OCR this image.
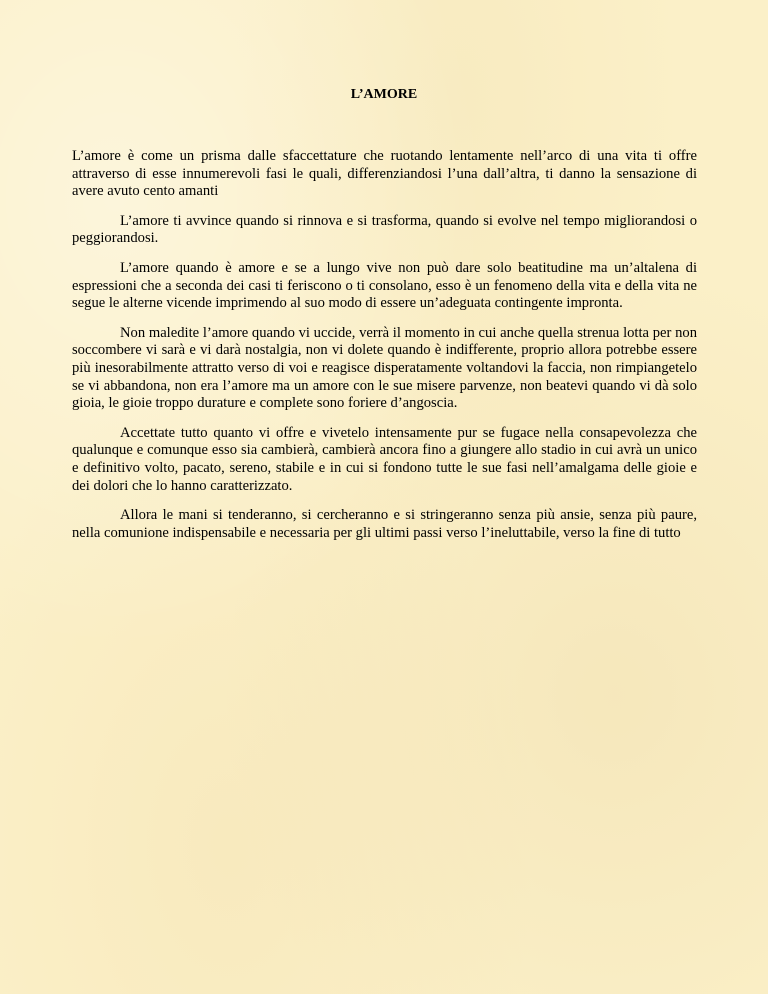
L’AMORE

L’amore è come un prisma dalle sfaccettature che ruotando lentamente nell’arco di una vita ti offre attraverso di esse innumerevoli fasi le quali, differenziandosi l’una dall’altra, ti danno la sensazione di avere avuto cento amanti

L’amore ti avvince quando si rinnova e si trasforma, quando si evolve nel tempo migliorandosi o peggiorandosi.

L’amore quando è amore e se a lungo vive non può dare solo beatitudine ma un’altalena di espressioni che a seconda dei casi ti feriscono o ti consolano, esso è un fenomeno della vita e della vita ne segue le alterne vicende imprimendo al suo modo di essere un’adeguata contingente impronta.

Non maledite l’amore quando vi uccide, verrà il momento in cui anche quella strenua lotta per non soccombere vi sarà e vi darà nostalgia, non vi dolete quando è indifferente, proprio allora potrebbe essere più inesorabilmente attratto verso di voi e reagisce disperatamente voltandovi la faccia, non rimpiangetelo se vi abbandona, non era l’amore ma un amore con le sue misere parvenze, non beatevi quando vi dà solo gioia, le gioie troppo durature e complete sono foriere d’angoscia.

Accettate tutto quanto vi offre e vivetelo intensamente pur se fugace nella consapevolezza che qualunque e comunque esso sia cambierà, cambierà ancora fino a giungere allo stadio in cui avrà un unico e definitivo volto, pacato, sereno, stabile e in cui si fondono tutte le sue fasi nell’amalgama delle gioie e dei dolori che lo hanno caratterizzato.

Allora le mani si tenderanno, si cercheranno e si stringeranno senza più ansie, senza più paure, nella comunione indispensabile e necessaria per gli ultimi passi verso l’ineluttabile, verso la fine di tutto
